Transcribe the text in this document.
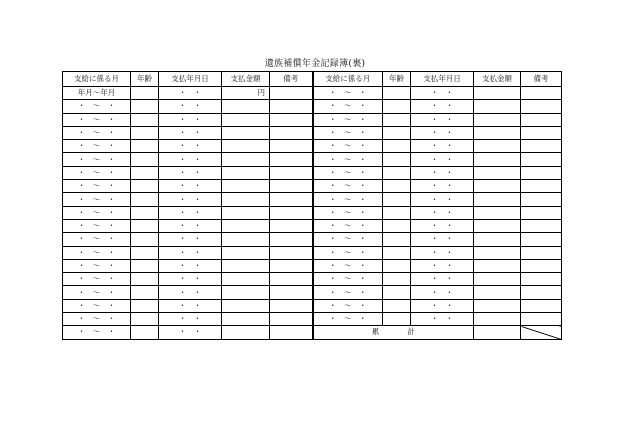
遺族補償年金記録簿(裏)
支給に係る月	年齢	支払年月日	支払金額	備考	支給に係る月	年齢	支払年月日	支払金額	備考
年月～年月		・　・	円		・　～　・		・　・		
・　～　・		・　・			・　～　・		・　・		
・　～　・		・　・			・　～　・		・　・		
・　～　・		・　・			・　～　・		・　・		
・　～　・		・　・			・　～　・		・　・		
・　～　・		・　・			・　～　・		・　・		
・　～　・		・　・			・　～　・		・　・		
・　～　・		・　・			・　～　・		・　・		
・　～　・		・　・			・　～　・		・　・		
・　～　・		・　・			・　～　・		・　・		
・　～　・		・　・			・　～　・		・　・		
・　～　・		・　・			・　～　・		・　・		
・　～　・		・　・			・　～　・		・　・		
・　～　・		・　・			・　～　・		・　・		
・　～　・		・　・			・　～　・		・　・		
・　～　・		・　・			・　～　・		・　・		
・　～　・		・　・			・　～　・		・　・		
・　～　・		・　・			・　～　・		・　・		
・　～　・		・　・			累 計				
